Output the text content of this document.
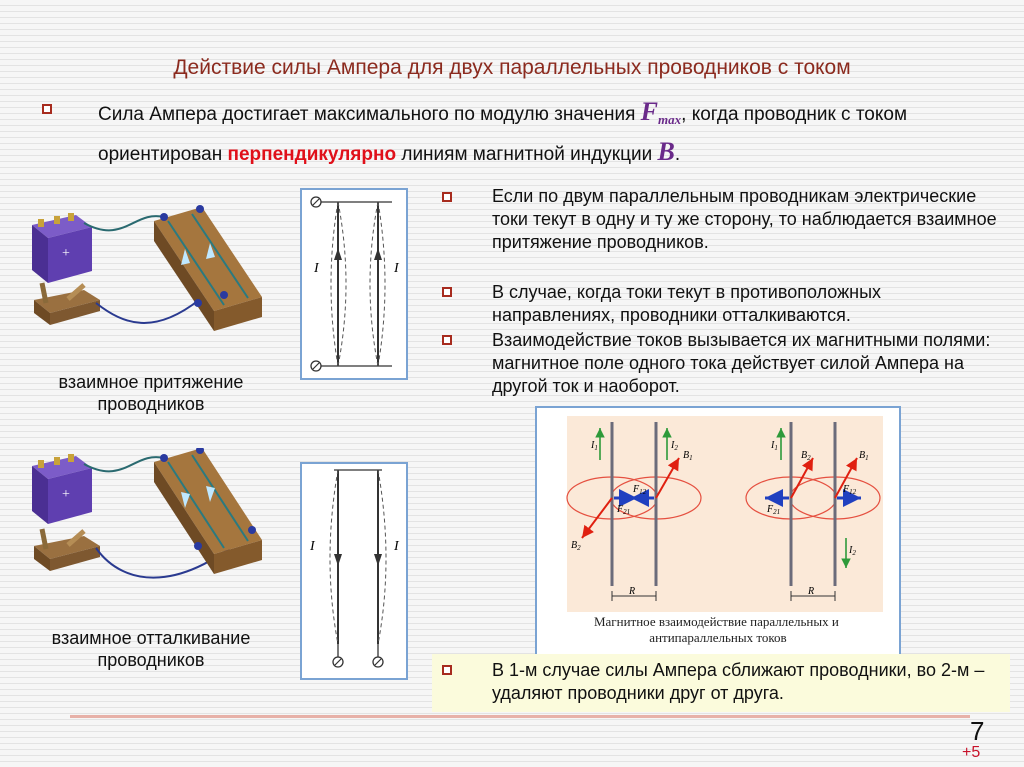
Действие силы Ампера для двух параллельных проводников с током
Сила Ампера достигает максимального по модулю значения Fmax, когда проводник с током
ориентирован перпендикулярно линиям магнитной индукции B.
+
взаимное притяжение проводников
I	I
+
взаимное отталкивание проводников
I	I
Если по двум параллельным проводникам электрические токи текут в одну и ту же сторону, то наблюдается взаимное притяжение проводников.
В случае, когда токи текут в противоположных направлениях, проводники отталкиваются.
Взаимодействие токов вызывается их магнитными полями: магнитное поле одного тока действует силой Ампера на другой ток и наоборот.
$I_1$	$I_2$
$B_1$
$B_2$
$F_{12}$
$F_{21}$
R
$I_1$
$I_2$
$B_2$	$B_1$
$F_{21}$
$F_{12}$
R
Магнитное взаимодействие параллельных и антипараллельных токов
В 1-м случае силы Ампера сближают проводники, во 2-м – удаляют проводники друг от друга.
7
+5
